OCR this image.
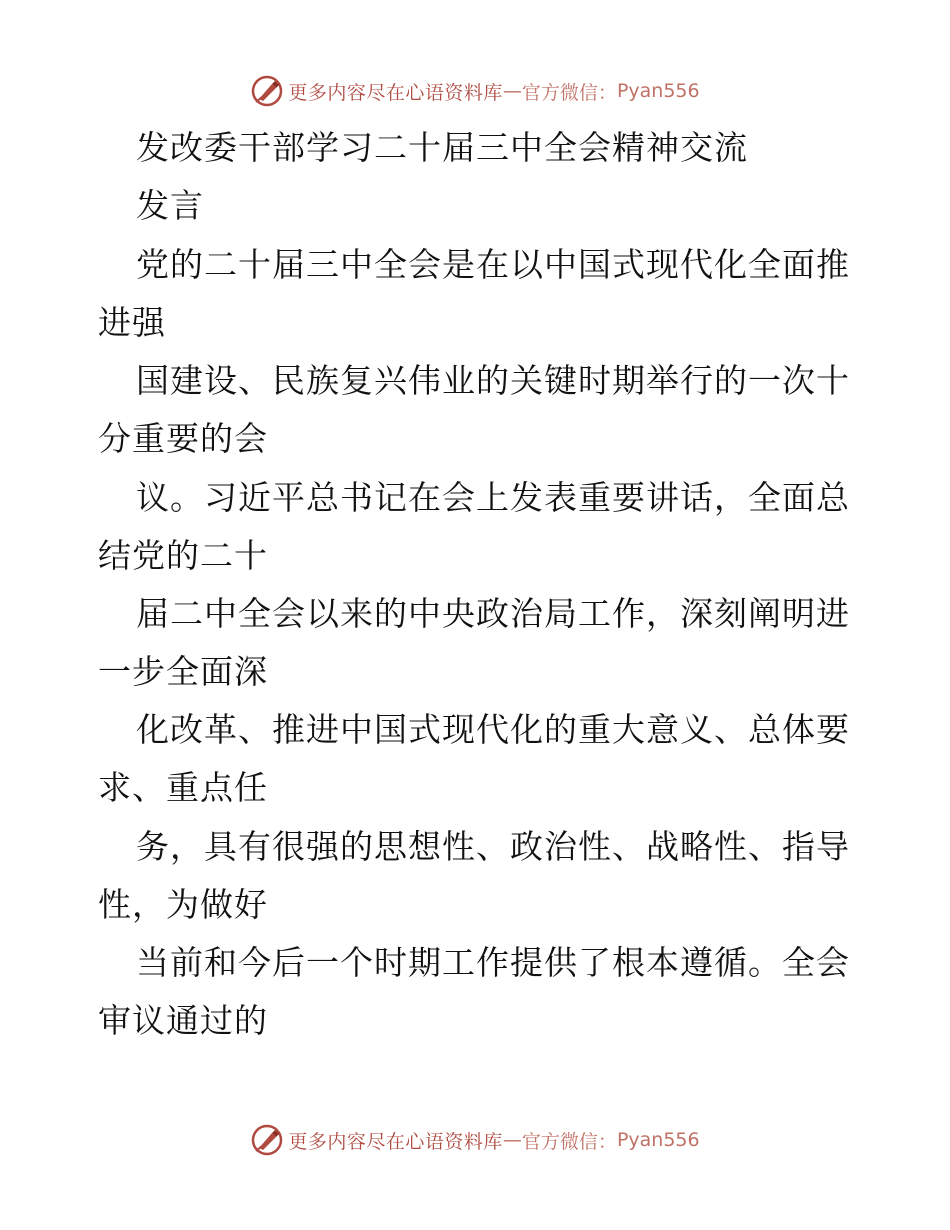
更多内容尽在心语资料库 — 官方微信： Pyan556
发改委干部学习二十届三中全会精神交流
发言
党的二十届三中全会是在以中国式现代化全面推
进强
国建设、民族复兴伟业的关键时期举行的一次十
分重要的会
议。习近平总书记在会上发表重要讲话，全面总
结党的二十
届二中全会以来的中央政治局工作，深刻阐明进
一步全面深
化改革、推进中国式现代化的重大意义、总体要
求、重点任
务，具有很强的思想性、政治性、战略性、指导
性，为做好
当前和今后一个时期工作提供了根本遵循。全会
审议通过的
更多内容尽在心语资料库 — 官方微信： Pyan556
